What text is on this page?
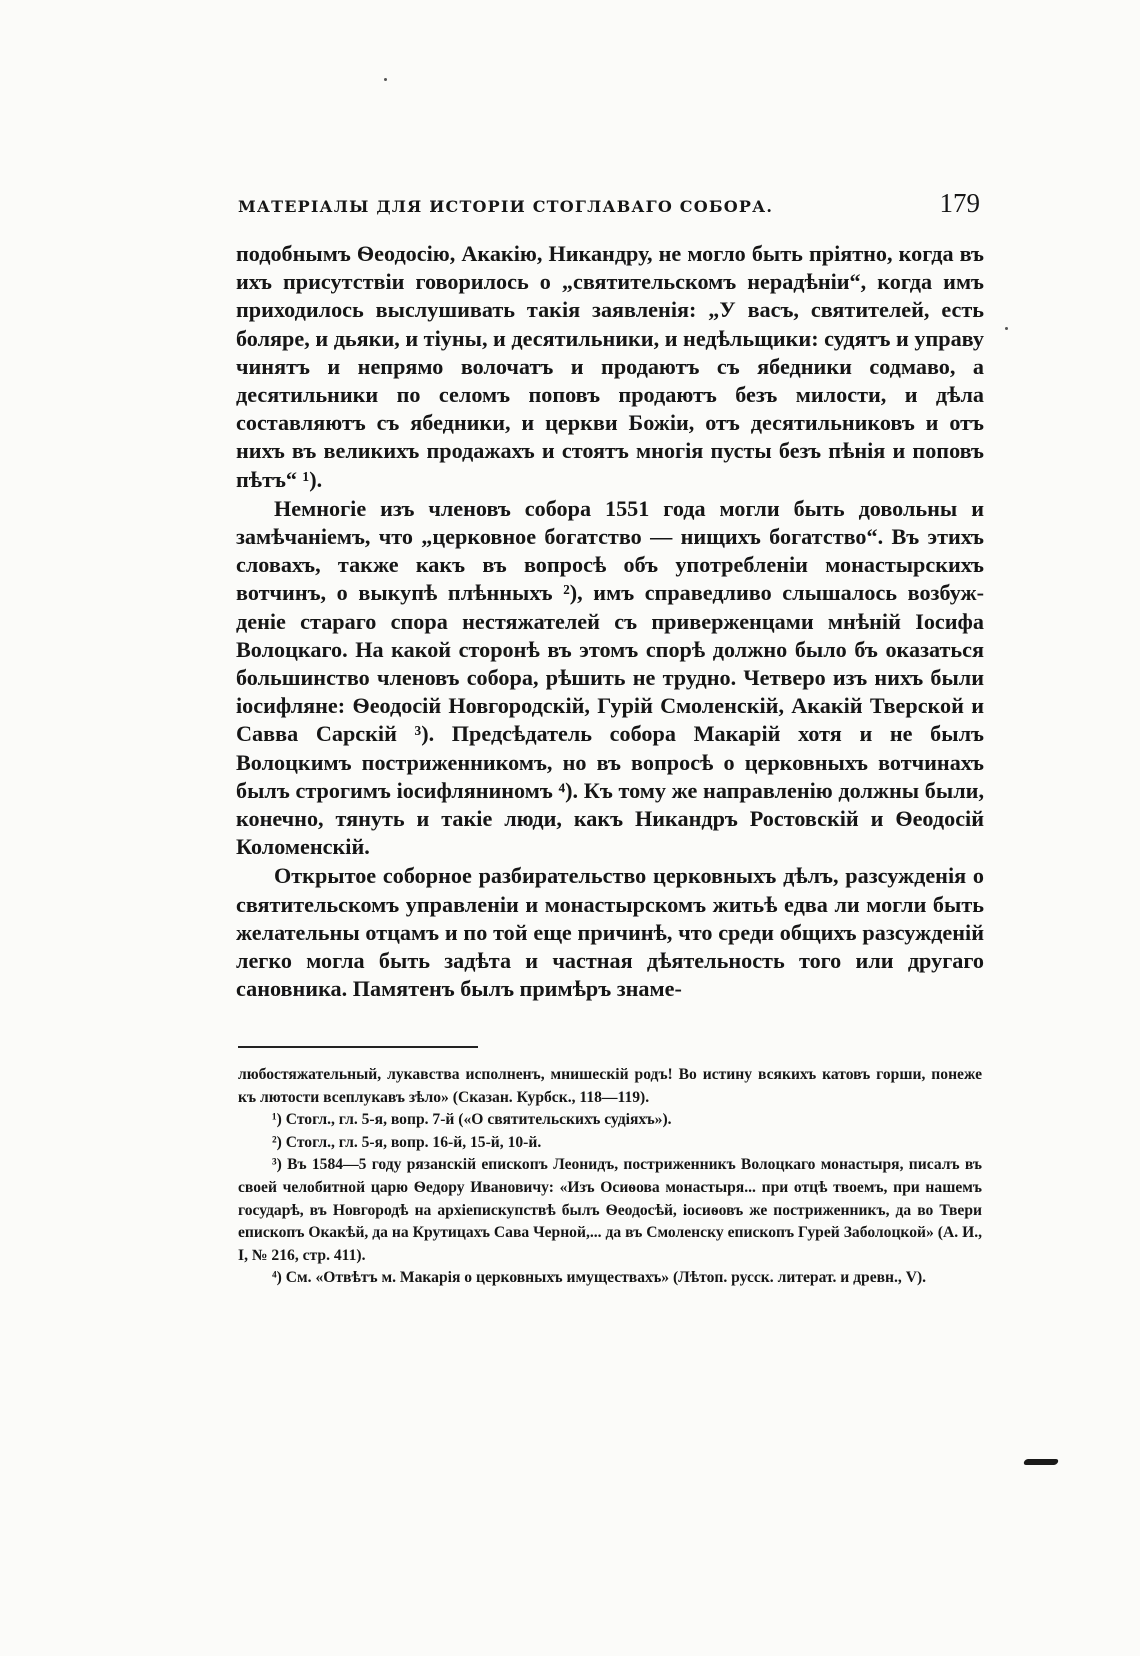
МАТЕРІАЛЫ ДЛЯ ИСТОРІИ СТОГЛАВАГО СОБОРА.	179

подобнымъ Ѳеодосію, Акакію, Никандру, не могло быть пріятно, когда въ ихъ присутствіи говорилось о „святительскомъ нерадѣніи“, когда имъ приходилось выслушивать такія заявленія: „У васъ, святителей, есть боляре, и дьяки, и тіуны, и десятильники, и недѣльщики: судятъ и управу чинятъ и непрямо волочатъ и продаютъ съ ябедники содмаво, а десятильники по селомъ поповъ продаютъ безъ милости, и дѣла составляютъ съ ябедники, и церкви Божіи, отъ десятильниковъ и отъ нихъ въ великихъ продажахъ и стоятъ многія пусты безъ пѣнія и поповъ пѣтъ“ ¹).

Немногіе изъ членовъ собора 1551 года могли быть довольны и замѣчаніемъ, что „церковное богатство — нищихъ богатство“. Въ этихъ словахъ, также какъ въ вопросѣ объ употребленіи монастырскихъ вотчинъ, о выкупѣ плѣнныхъ ²), имъ справедливо слышалось возбужденіе стараго спора нестяжателей съ приверженцами мнѣній Іосифа Волоцкаго. На какой сторонѣ въ этомъ спорѣ должно было бъ оказаться большинство членовъ собора, рѣшить не трудно. Четверо изъ нихъ были іосифляне: Ѳеодосій Новгородскій, Гурій Смоленскій, Акакій Тверской и Савва Сарскій ³). Предсѣдатель собора Макарій хотя и не былъ Волоцкимъ постриженникомъ, но въ вопросѣ о церковныхъ вотчинахъ былъ строгимъ іосифляниномъ ⁴). Къ тому же направленію должны были, конечно, тянуть и такіе люди, какъ Никандръ Ростовскій и Ѳеодосій Коломенскій.

Открытое соборное разбирательство церковныхъ дѣлъ, разсужденія о святительскомъ управленіи и монастырскомъ житьѣ едва ли могли быть желательны отцамъ и по той еще причинѣ, что среди общихъ разсужденій легко могла быть задѣта и частная дѣятельность того или другаго сановника. Памятенъ былъ примѣръ знаме-

любостяжательный, лукавства исполненъ, мнишескій родъ! Во истину всякихъ катовъ горши, понеже къ лютости всеплукавъ зѣло» (Сказан. Курбск., 118—119).

¹) Стогл., гл. 5-я, вопр. 7-й («О святительскихъ судіяхъ»).

²) Стогл., гл. 5-я, вопр. 16-й, 15-й, 10-й.

³) Въ 1584—5 году рязанскій епископъ Леонидъ, постриженникъ Волоцкаго монастыря, писалъ въ своей челобитной царю Ѳедору Ивановичу: «Изъ Осиѳова монастыря... при отцѣ твоемъ, при нашемъ государѣ, въ Новгородѣ на архіепискупствѣ былъ Ѳеодосѣй, іосиѳовъ же постриженникъ, да во Твери епископъ Окакѣй, да на Крутицахъ Сава Черной,... да въ Смоленску епископъ Гурей Заболоцкой» (А. И., I, № 216, стр. 411).

⁴) См. «Отвѣтъ м. Макарія о церковныхъ имуществахъ» (Лѣтоп. русск. литерат. и древн., V).
